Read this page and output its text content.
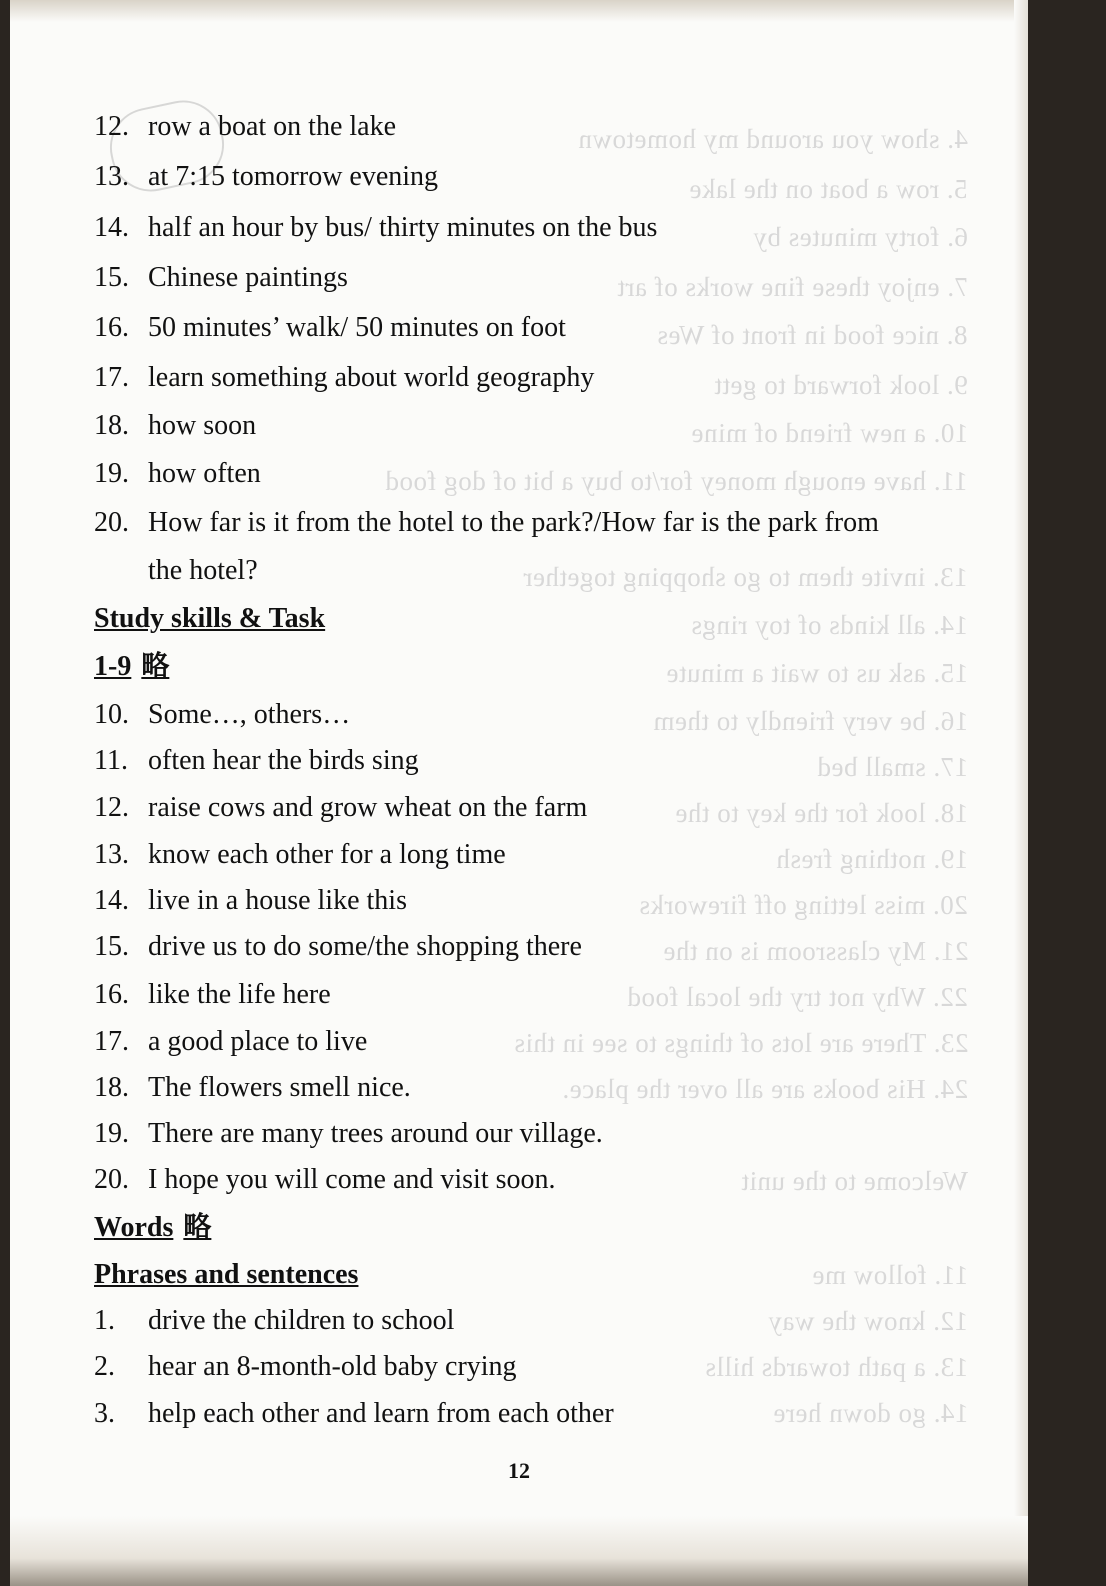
4. show you around my hometown
5. row a boat on the lake
6. forty minutes by
7. enjoy these fine works of art
8. nice food in front of Wes
9. look forward to gett
10. a new friend of mine
11. have enough money for/to buy a bit of dog food
13. invite them to go shopping together
14. all kinds of toy rings
15. ask us to wait a minute
16. be very friendly to them
17. small bed
18. look for the key to the
19. nothing fresh
20. miss letting off fireworks
21. My classroom is on the
22. Why not try the local food
23. There are lots of things to see in this
24. His books are all over the place.
Welcome to the unit
11. follow me
12. know the way
13. a path towards hills
14. go down here
12. row a boat on the lake
13. at 7:15 tomorrow evening
14. half an hour by bus/ thirty minutes on the bus
15. Chinese paintings
16. 50 minutes’ walk/ 50 minutes on foot
17. learn something about world geography
18. how soon
19. how often
20. How far is it from the hotel to the park?/How far is the park from
the hotel?
Study skills & Task
1-9 略
10. Some…, others…
11. often hear the birds sing
12. raise cows and grow wheat on the farm
13. know each other for a long time
14. live in a house like this
15. drive us to do some/the shopping there
16. like the life here
17. a good place to live
18. The flowers smell nice.
19. There are many trees around our village.
20. I hope you will come and visit soon.
Words 略
Phrases and sentences
1. drive the children to school
2. hear an 8-month-old baby crying
3. help each other and learn from each other
12
